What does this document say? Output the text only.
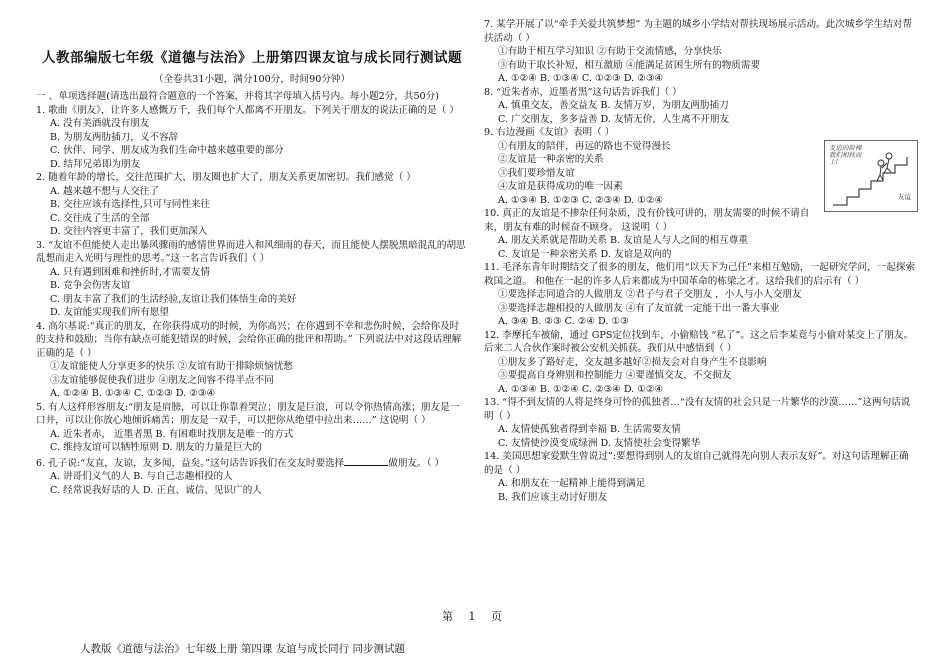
人教部编版七年级《道德与法治》上册第四课友谊与成长同行测试题
（全卷共31小题，满分100分，时间90分钟）
一 、单项选择题(请选出最符合题意的一个答案，并将其字母填入括号内。每小题2分，共50分)
1. 歌曲《朋友》，让许多人感慨万千，我们每个人都离不开朋友。下列关于朋友的说法正确的是（ ）
A. 没有美酒就没有朋友
B. 为朋友两肋插刀，义不容辞
C. 伙伴、同学、朋友成为我们生命中越来越重要的部分
D. 结拜兄弟即为朋友
2. 随着年龄的增长，交往范围扩大，朋友圈也扩大了，朋友关系更加密切。我们感觉（ ）
A. 越来越不想与人交往了
B. 交往应该有选择性,只可与同性来往
C. 交往成了生活的全部
D. 交往内容更丰富了，我们更加深入
3. “友谊不但能使人走出暴风骤雨的感情世界而进入和风细雨的春天，而且能使人摆脱黑暗混乱的胡思乱想而走入光明与理性的思考。”这一名言告诉我们（ ）
A. 只有遇到困难和挫折时,才需要友情
B. 竞争会伤害友谊
C. 朋友丰富了我们的生活经验,友谊让我们体悟生命的美好
D. 友谊能实现我们所有愿望
4. 高尔基说:“真正的朋友，在你获得成功的时候，为你高兴；在你遇到不幸和悲伤时候，会给你及时的支持和鼓励；当你有缺点可能犯错误的时候，会给你正确的批评和帮助。” 下列说法中对这段话理解正确的是（ ）
①友谊能使人分享更多的快乐 ②友谊有助于排除烦恼忧愁
③友谊能够促使我们进步 ④朋友之间容不得半点不同
A. ①②④ B. ①③④ C. ①②③ D. ②③④
5. 有人这样形容朋友:“朋友是肩膀，可以让你靠着哭泣；朋友是巨浪，可以令你热情高涨；朋友是一口井，可以让你放心地倾诉痛苦；朋友是一双手，可以把你从绝望中拉出来……” 这说明（ ）
A. 近朱者赤， 近墨者黑 B. 有困难时找朋友是唯一的方式
C. 维持友谊可以牺牲原则 D. 朋友的力量是巨大的
6. 孔子说:“友直，友谅，友多闻，益矣。”这句话告诉我们在交友时要选择	做朋友。（ ）
A. 讲哥们义气的人 B. 与自己志趣相投的人
C. 经常说我好话的人 D. 正直、诚信、见识广的人
7. 某学开展了以“牵手关爱共筑梦想” 为主题的城乡小学结对帮扶现场展示活动。此次城乡学生结对帮扶活动（ ）
①有助于相互学习知识 ②有助于交流情感，分享快乐
③有助于取长补短，相互激励 ④能满足贫困生所有的物质需要
A. ①②④ B. ①③④ C. ①②③ D. ②③④
8. “近朱者赤，近墨者黑”这句话告诉我们（ ）
A. 慎重交友，善交益友 B. 友情万岁，为朋友两肋插刀
C. 广交朋友，多多益善 D. 友情无价，人生离不开朋友
9. 右边漫画《友谊》表明（ ）
友谊的阶梯 我们相扶而上!
友谊
①有朋友的陪伴，再远的路也不觉得漫长
②友谊是一种亲密的关系
③我们要珍惜友谊
④友谊是获得成功的唯一因素
A. ①③④ B. ①②③ C. ②③④ D. ①②④
10. 真正的友谊是不掺杂任何杂质，没有价钱可讲的，朋友需要的时候不请自来，朋友有难的时候奋不顾身。 这说明（ ）
A. 朋友关系就是帮助关系 B. 友谊是人与人之间的相互尊重
C. 友谊是一种亲密关系 D. 友谊是双向的
11. 毛泽东青年时期结交了很多的朋友，他们用“以天下为己任”来相互勉励，一起研究学问，一起探索救国之道。 和他在一起的许多人后来都成为中国革命的栋梁之才。这给我们的启示有（ ）
①要选择志同道合的人做朋友 ②君子与君子交朋友 ，小人与小人交朋友
③要选择志趣相投的人做朋友 ④有了友谊就一定能干出一番大事业
A. ③④ B. ②③ C. ②④ D. ①③
12. 李摩托车被偷，通过 GPS定位找到车，小偷赔钱 “私了”。这之后李某竟与小偷对某交上了朋友。后来二人合伙作案时被公安机关抓获。我们从中感悟到（ ）
①朋友多了路好走，交友越多越好②损友会对自身产生不良影响
③要提高自身辨别和控制能力 ④要谨慎交友，不交损友
A. ①③④ B. ①②④ C. ②③④ D. ①②④
13. “得不到友情的人将是终身可怜的孤独者…“没有友情的社会只是一片繁华的沙漠……”这两句话说明（ ）
A. 友情使孤独者得到幸福 B. 生活需要友情
C. 友情使沙漠变成绿洲 D. 友情使社会变得繁华
14. 美国思想家爱默生曾说过”:要想得到别人的友谊自己就得先向别人表示友好”。对这句话理解正确的是（ ）
A. 和朋友在一起精神上能得到满足
B. 我们应该主动讨好朋友
第 1 页
人教版《道德与法治》七年级上册 第四课 友谊与成长同行 同步测试题
